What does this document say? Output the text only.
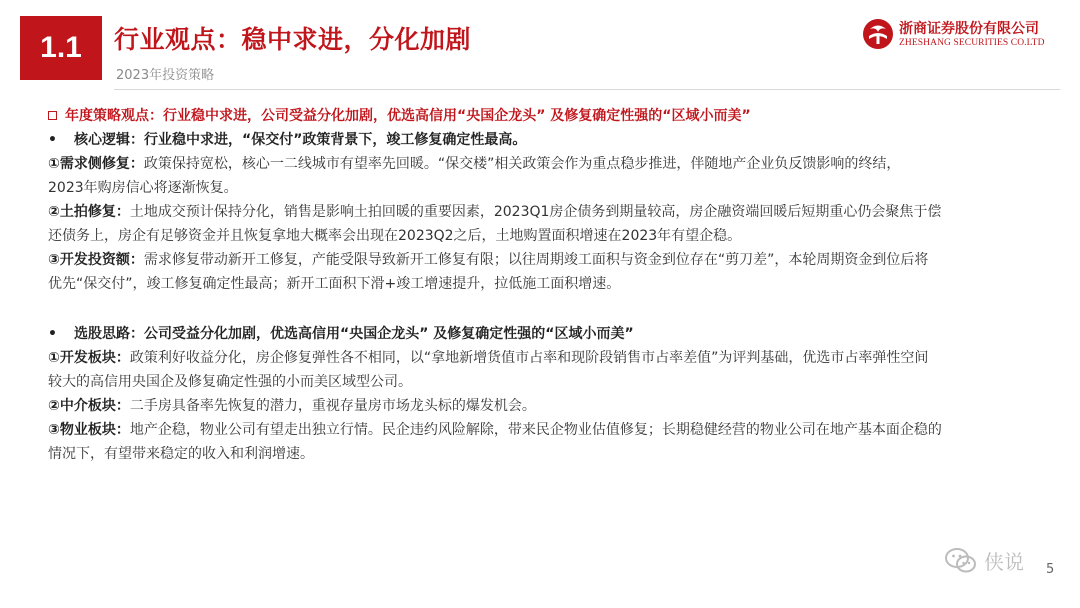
1.1	行业观点：稳中求进，分化加剧
2023年投资策略
浙商证券股份有限公司
ZHESHANG SECURITIES CO.LTD
年度策略观点：行业稳中求进，公司受益分化加剧，优选高信用“央国企龙头” 及修复确定性强的“区域小而美”
• 核心逻辑：行业稳中求进，“保交付”政策背景下，竣工修复确定性最高。
①需求侧修复：政策保持宽松，核心一二线城市有望率先回暖。“保交楼”相关政策会作为重点稳步推进，伴随地产企业负反馈影响的终结，
2023年购房信心将逐渐恢复。
②土拍修复：土地成交预计保持分化，销售是影响土拍回暖的重要因素，2023Q1房企债务到期量较高，房企融资端回暖后短期重心仍会聚焦于偿
还债务上，房企有足够资金并且恢复拿地大概率会出现在2023Q2之后，土地购置面积增速在2023年有望企稳。
③开发投资额：需求修复带动新开工修复，产能受限导致新开工修复有限；以往周期竣工面积与资金到位存在“剪刀差”，本轮周期资金到位后将
优先“保交付”，竣工修复确定性最高；新开工面积下滑+竣工增速提升，拉低施工面积增速。
• 选股思路：公司受益分化加剧，优选高信用“央国企龙头” 及修复确定性强的“区域小而美”
①开发板块：政策利好收益分化，房企修复弹性各不相同，以“拿地新增货值市占率和现阶段销售市占率差值”为评判基础，优选市占率弹性空间
较大的高信用央国企及修复确定性强的小而美区域型公司。
②中介板块：二手房具备率先恢复的潜力，重视存量房市场龙头标的爆发机会。
③物业板块：地产企稳，物业公司有望走出独立行情。民企违约风险解除，带来民企物业估值修复；长期稳健经营的物业公司在地产基本面企稳的
情况下，有望带来稳定的收入和利润增速。
侠说 5
